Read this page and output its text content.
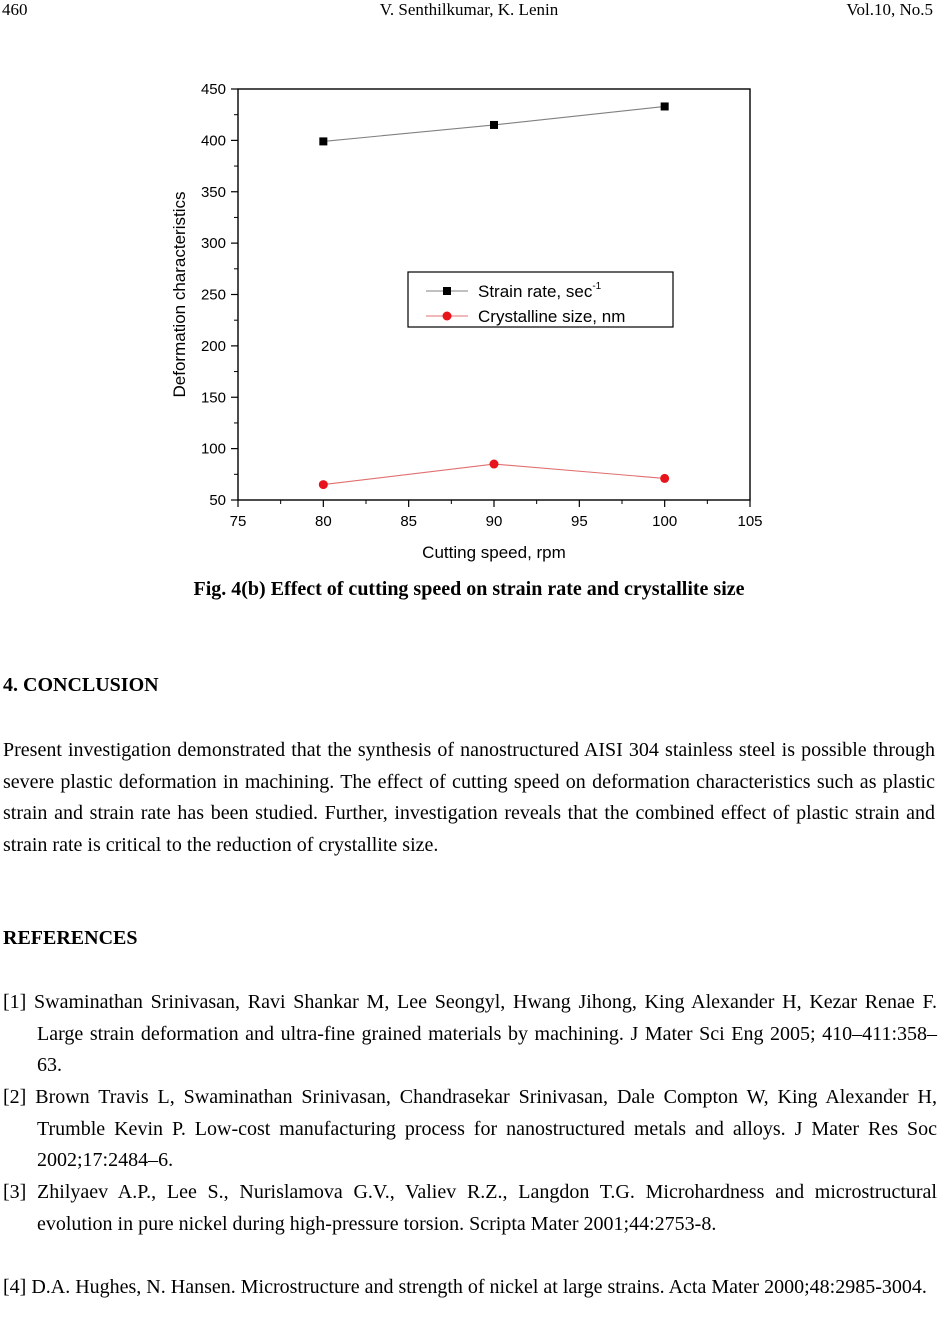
460	V. Senthilkumar, K. Lenin	Vol.10, No.5
75	80	85	90	95	100	105
50
100
150
200
250
300
350
400
450
Cutting speed, rpm
Deformation characteristics	Strain rate, $\sec^{-1}$
Crystalline size, nm
Fig. 4(b) Effect of cutting speed on strain rate and crystallite size
4. CONCLUSION

Present investigation demonstrated that the synthesis of nanostructured AISI 304 stainless steel is possible through severe plastic deformation in machining. The effect of cutting speed on deformation characteristics such as plastic strain and strain rate has been studied. Further, investigation reveals that the combined effect of plastic strain and strain rate is critical to the reduction of crystallite size.

REFERENCES

[1] Swaminathan Srinivasan, Ravi Shankar M, Lee Seongyl, Hwang Jihong, King Alexander H, Kezar Renae F. Large strain deformation and ultra-fine grained materials by machining. J Mater Sci Eng 2005; 410–411:358–63.

[2] Brown Travis L, Swaminathan Srinivasan, Chandrasekar Srinivasan, Dale Compton W, King Alexander H, Trumble Kevin P. Low-cost manufacturing process for nanostructured metals and alloys. J Mater Res Soc 2002;17:2484–6.

[3] Zhilyaev A.P., Lee S., Nurislamova G.V., Valiev R.Z., Langdon T.G. Microhardness and microstructural evolution in pure nickel during high-pressure torsion. Scripta Mater 2001;44:2753-8.

[4] D.A. Hughes, N. Hansen. Microstructure and strength of nickel at large strains. Acta Mater 2000;48:2985-3004.
